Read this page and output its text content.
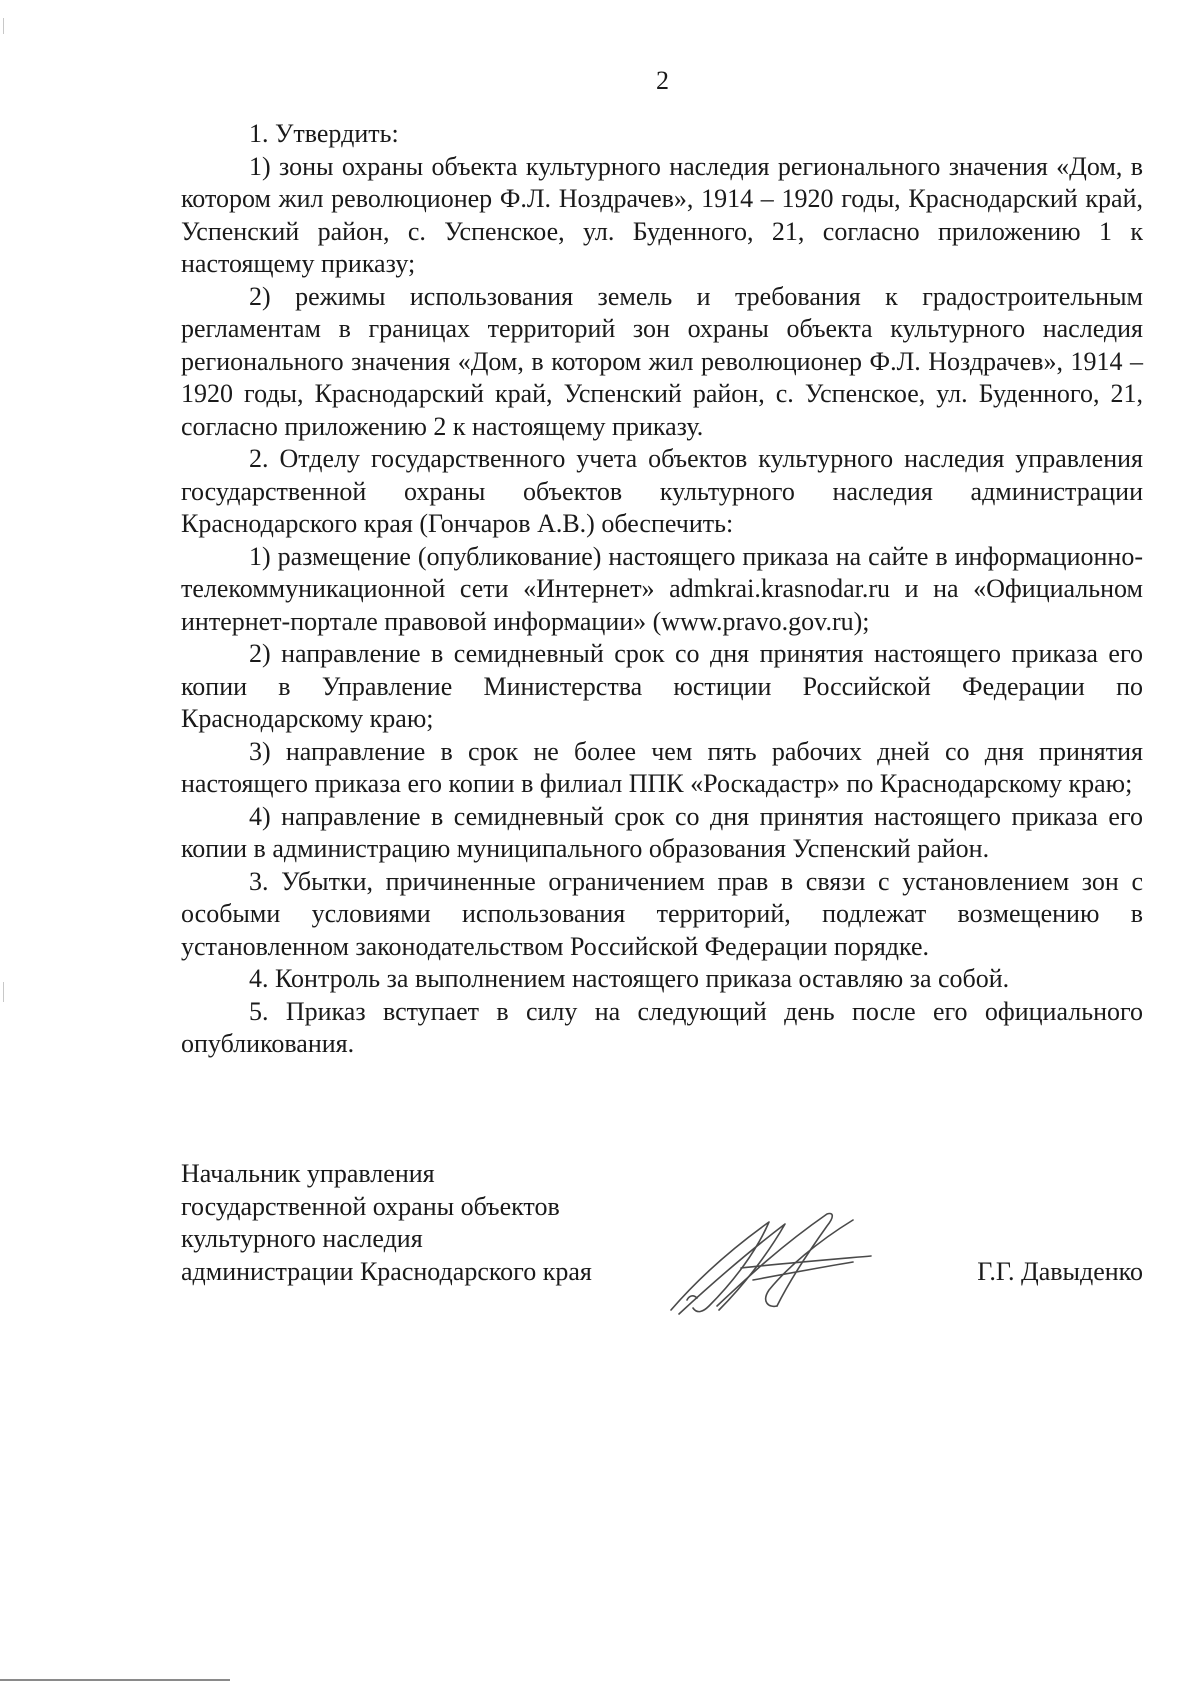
2

1. Утвердить:

1) зоны охраны объекта культурного наследия регионального значения «Дом, в котором жил революционер Ф.Л. Ноздрачев», 1914 – 1920 годы, Краснодарский край, Успенский район, с. Успенское, ул. Буденного, 21, согласно приложению 1 к настоящему приказу;

2) режимы использования земель и требования к градостроительным регламентам в границах территорий зон охраны объекта культурного наследия регионального значения «Дом, в котором жил революционер Ф.Л. Ноздрачев», 1914 – 1920 годы, Краснодарский край, Успенский район, с. Успенское, ул. Буденного, 21, согласно приложению 2 к настоящему приказу.

2. Отделу государственного учета объектов культурного наследия управления государственной охраны объектов культурного наследия администрации Краснодарского края (Гончаров А.В.) обеспечить:

1) размещение (опубликование) настоящего приказа на сайте в информационно-телекоммуникационной сети «Интернет» admkrai.krasnodar.ru и на «Официальном интернет-портале правовой информации» (www.pravo.gov.ru);

2) направление в семидневный срок со дня принятия настоящего приказа его копии в Управление Министерства юстиции Российской Федерации по Краснодарскому краю;

3) направление в срок не более чем пять рабочих дней со дня принятия настоящего приказа его копии в филиал ППК «Роскадастр» по Краснодарскому краю;

4) направление в семидневный срок со дня принятия настоящего приказа его копии в администрацию муниципального образования Успенский район.

3. Убытки, причиненные ограничением прав в связи с установлением зон с особыми условиями использования территорий, подлежат возмещению в установленном законодательством Российской Федерации порядке.

4. Контроль за выполнением настоящего приказа оставляю за собой.

5. Приказ вступает в силу на следующий день после его официального опубликования.

Начальник управления
государственной охраны объектов
культурного наследия
администрации Краснодарского края	Г.Г. Давыденко
